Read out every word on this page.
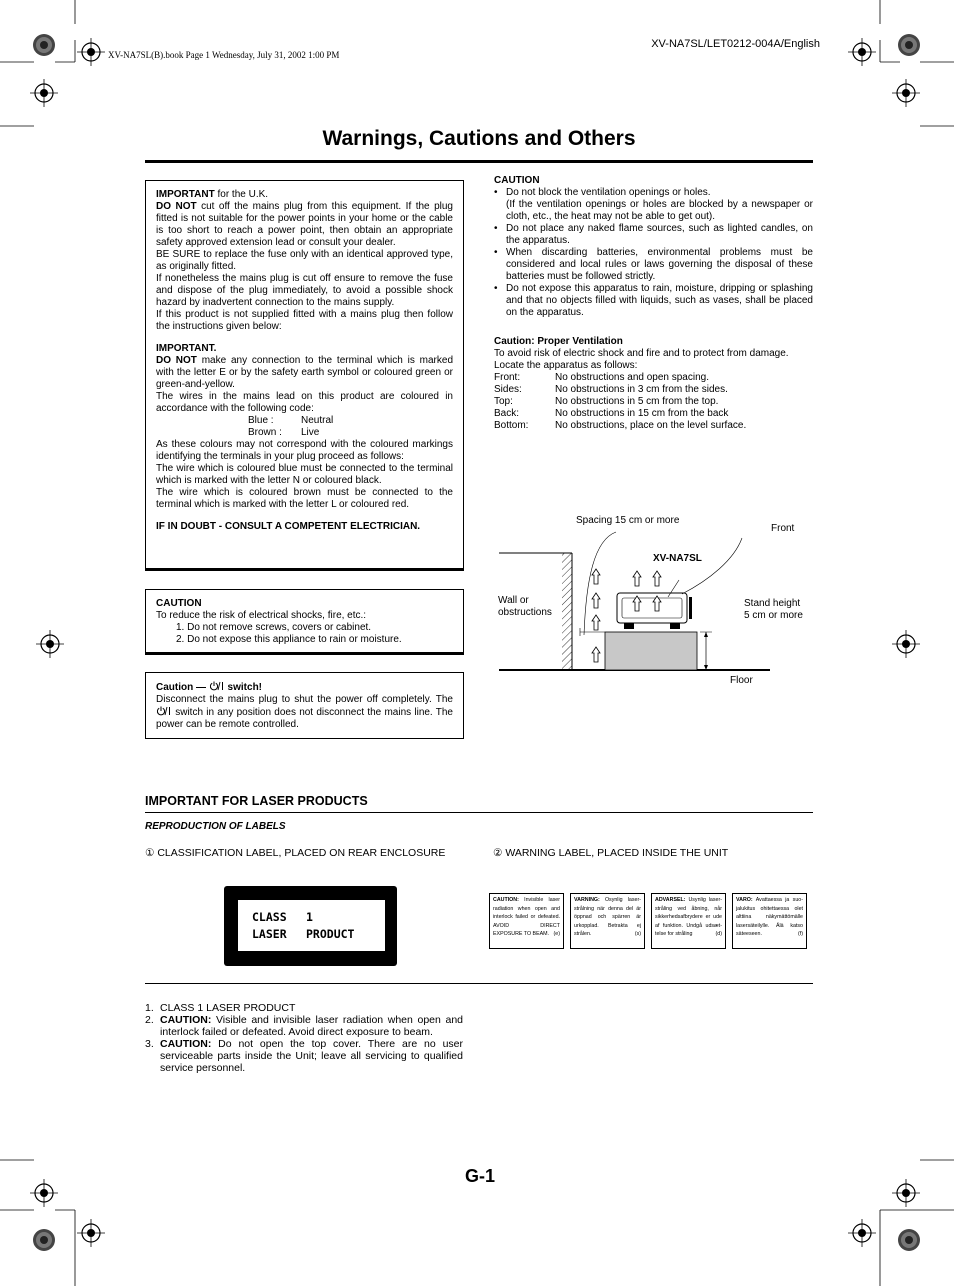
XV-NA7SL(B).book Page 1 Wednesday, July 31, 2002 1:00 PM
XV-NA7SL/LET0212-004A/English
Warnings, Cautions and Others

IMPORTANT for the U.K.

DO NOT cut off the mains plug from this equipment. If the plug fitted is not suitable for the power points in your home or the cable is too short to reach a power point, then obtain an appropriate safety approved extension lead or consult your dealer.

BE SURE to replace the fuse only with an identical approved type, as originally fitted.

If nonetheless the mains plug is cut off ensure to remove the fuse and dispose of the plug immediately, to avoid a possible shock hazard by inadvertent connection to the mains supply.

If this product is not supplied fitted with a mains plug then follow the instructions given below:

IMPORTANT.

DO NOT make any connection to the terminal which is marked with the letter E or by the safety earth symbol or coloured green or green-and-yellow.

The wires in the mains lead on this product are coloured in accordance with the following code:

Blue :	Neutral
Brown :	Live

As these colours may not correspond with the coloured markings identifying the terminals in your plug proceed as follows:

The wire which is coloured blue must be connected to the terminal which is marked with the letter N or coloured black.

The wire which is coloured brown must be connected to the terminal which is marked with the letter L or coloured red.

IF IN DOUBT - CONSULT A COMPETENT ELECTRICIAN.

CAUTION

To reduce the risk of electrical shocks, fire, etc.:

1. Do not remove screws, covers or cabinet.

2. Do not expose this appliance to rain or moisture.

Caution —  switch!

Disconnect the mains plug to shut the power off completely. The  switch in any position does not disconnect the mains line. The power can be remote controlled.

CAUTION

• Do not block the ventilation openings or holes.
(If the ventilation openings or holes are blocked by a newspaper or cloth, etc., the heat may not be able to get out).
• Do not place any naked flame sources, such as lighted candles, on the apparatus.
• When discarding batteries, environmental problems must be considered and local rules or laws governing the disposal of these batteries must be followed strictly.
• Do not expose this apparatus to rain, moisture, dripping or splashing and that no objects filled with liquids, such as vases, shall be placed on the apparatus.

Caution: Proper Ventilation

To avoid risk of electric shock and fire and to protect from damage.

Locate the apparatus as follows:

Front:	No obstructions and open spacing.
Sides:	No obstructions in 3 cm from the sides.
Top:	No obstructions in 5 cm from the top.
Back:	No obstructions in 15 cm from the back
Bottom:	No obstructions, place on the level surface.
Spacing 15 cm or more
Front
XV-NA7SL
Wall or
obstructions
Stand height
5 cm or more
Floor
IMPORTANT FOR LASER PRODUCTS
REPRODUCTION OF LABELS
① CLASSIFICATION LABEL, PLACED ON REAR ENCLOSURE	② WARNING LABEL, PLACED INSIDE THE UNIT
CLASS 1
LASER PRODUCT
CAUTION: Invisible laser radiation when open and interlock failed or defeated. AVOID DIRECT EXPOSURE TO BEAM. (e)
VARNING: Osynlig laser-strålning när denna del är öppnad och spärren är urkopplad. Betrakta ej strålen.	(s)
ADVARSEL: Usynlig laser-stråling ved åbning, når sikkerhedsafbrydere er ude af funktion. Undgå udsæt-telse for stråling	(d)
VARO: Avattaessa ja suo-jalukitus ohitettaessa olet alttiina näkymättömälle lasersäteilylle. Älä katso säteeseen.	(f)
1. CLASS 1 LASER PRODUCT
2. CAUTION: Visible and invisible laser radiation when open and interlock failed or defeated. Avoid direct exposure to beam.
3. CAUTION: Do not open the top cover. There are no user serviceable parts inside the Unit; leave all servicing to qualified service personnel.
G-1
